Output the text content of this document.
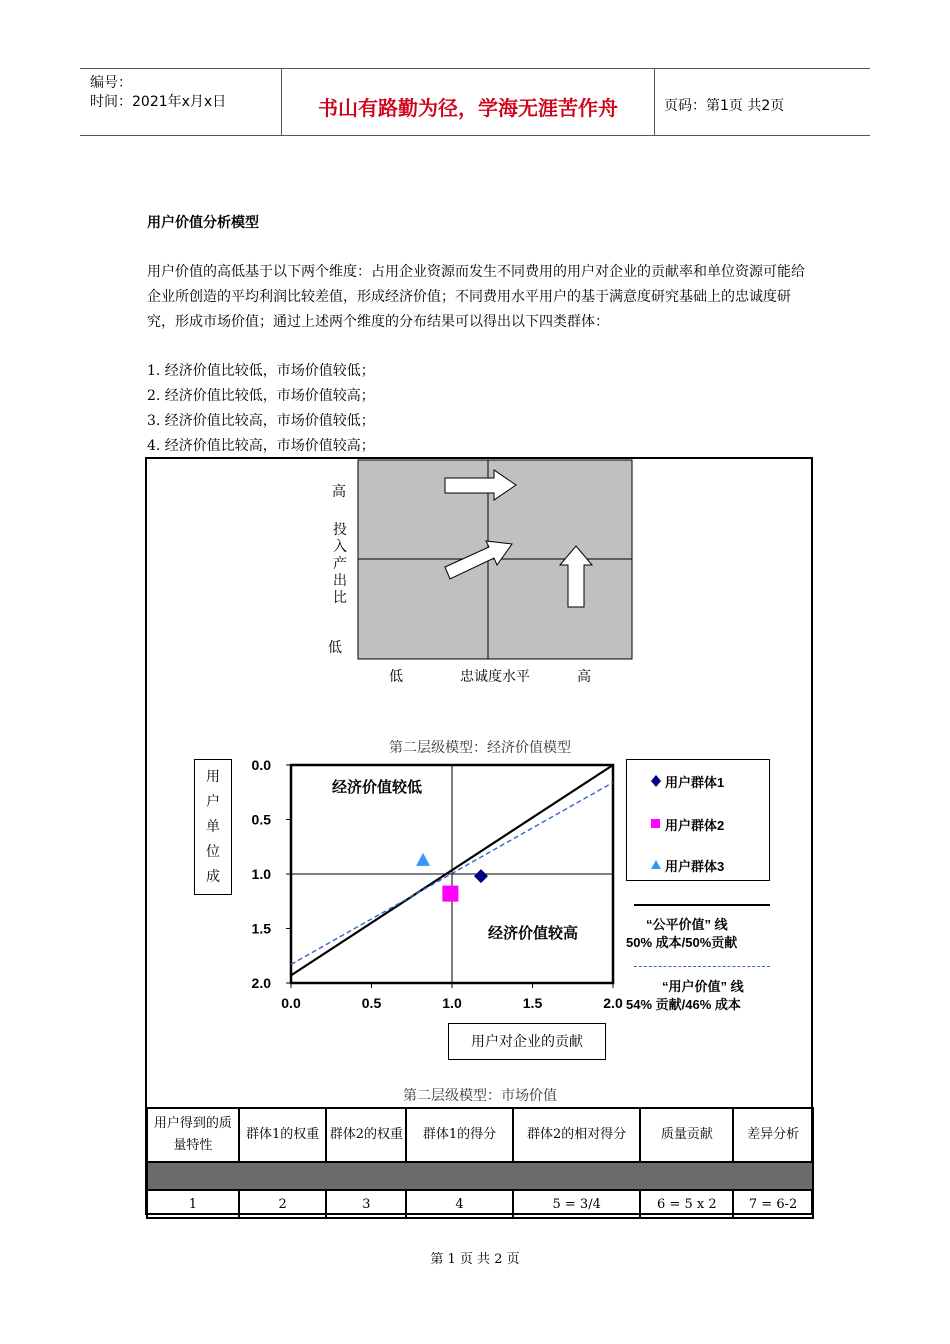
编号：
时间：2021年x月x日	书山有路勤为径，学海无涯苦作舟	页码：第1页 共2页
用户价值分析模型
用户价值的高低基于以下两个维度：占用企业资源而发生不同费用的用户对企业的贡献率和单位资源可能给企业所创造的平均利润比较差值，形成经济价值；不同费用水平用户的基于满意度研究基础上的忠诚度研究，形成市场价值；通过上述两个维度的分布结果可以得出以下四类群体：
1. 经济价值比较低，市场价值较低；
2. 经济价值比较低，市场价值较高；
3. 经济价值比较高，市场价值较低；
4. 经济价值比较高，市场价值较高；
高
投
入
产
出
比
低
低	忠诚度水平	高
第二层级模型：经济价值模型
用
户
单
位
成
0.0	0.5	1.0	1.5	2.0
0.0
0.5
1.0
1.5
2.0
经济价值较低
经济价值较高
用户群体1
用户群体2
用户群体3
“公平价值” 线
50% 成本/50%贡献
“用户价值” 线
54% 贡献/46% 成本
用户对企业的贡献
第二层级模型：市场价值
用户得到的质量特性	群体1的权重	群体2的权重	群体1的得分	群体2的相对得分	质量贡献	差异分析

1	2	3	4	5 = 3/4	6 = 5 x 2	7 = 6-2
第 1 页 共 2 页
